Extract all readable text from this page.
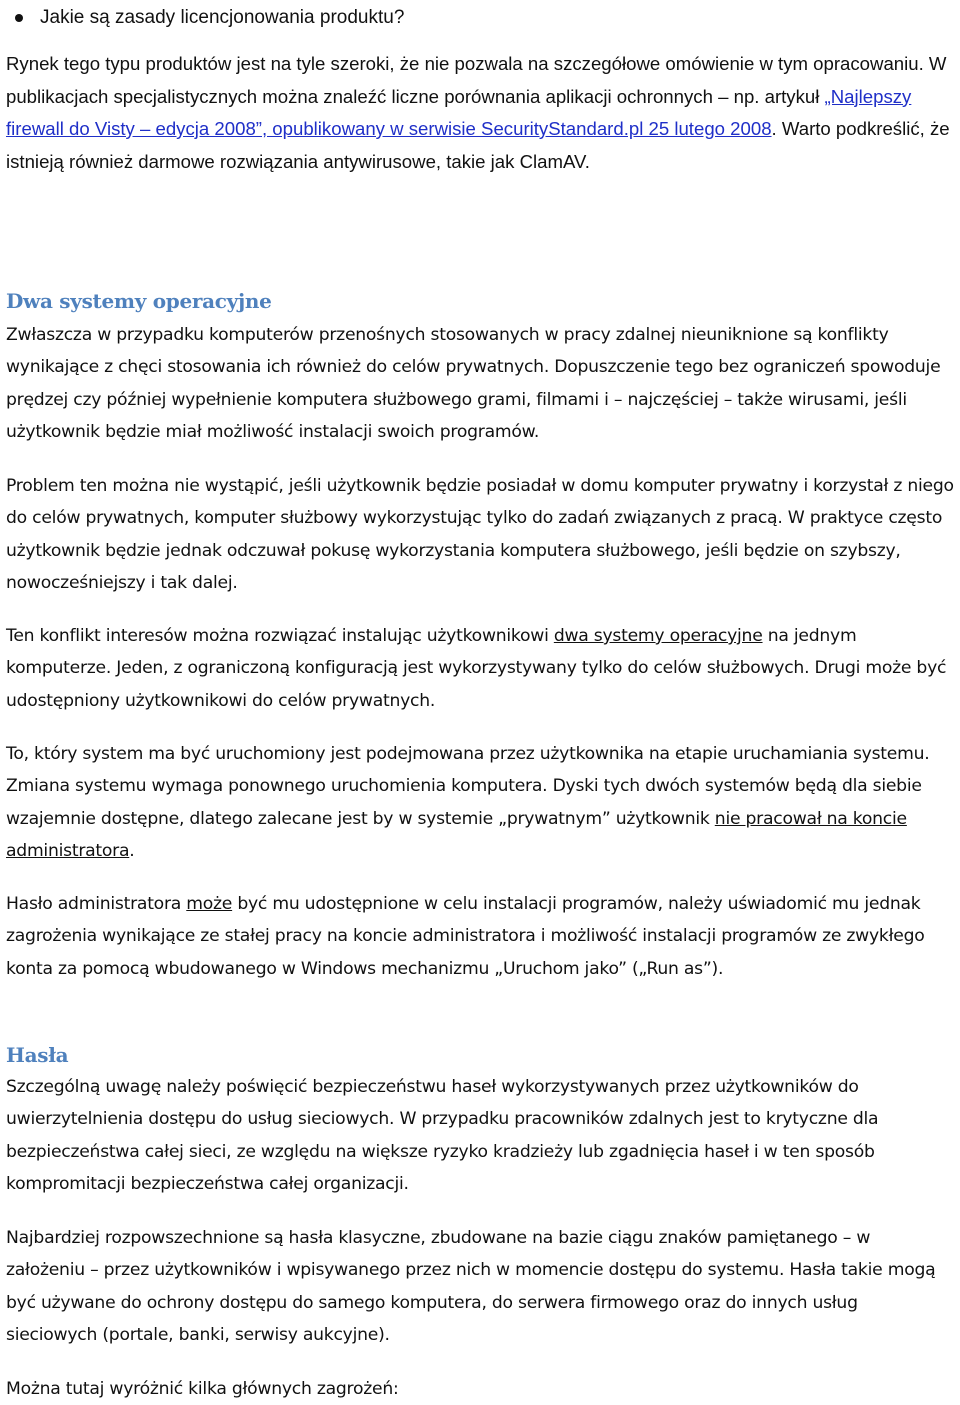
Jakie są zasady licencjonowania produktu?
Rynek tego typu produktów jest na tyle szeroki, że nie pozwala na szczegółowe omówienie w tym opracowaniu. W publikacjach specjalistycznych można znaleźć liczne porównania aplikacji ochronnych – np. artykuł „Najlepszy firewall do Visty – edycja 2008”, opublikowany w serwisie SecurityStandard.pl 25 lutego 2008. Warto podkreślić, że istnieją również darmowe rozwiązania antywirusowe, takie jak ClamAV.
Dwa systemy operacyjne
Zwłaszcza w przypadku komputerów przenośnych stosowanych w pracy zdalnej nieuniknione są konflikty wynikające z chęci stosowania ich również do celów prywatnych. Dopuszczenie tego bez ograniczeń spowoduje prędzej czy później wypełnienie komputera służbowego grami, filmami i – najczęściej – także wirusami, jeśli użytkownik będzie miał możliwość instalacji swoich programów.
Problem ten można nie wystąpić, jeśli użytkownik będzie posiadał w domu komputer prywatny i korzystał z niego do celów prywatnych, komputer służbowy wykorzystując tylko do zadań związanych z pracą. W praktyce często użytkownik będzie jednak odczuwał pokusę wykorzystania komputera służbowego, jeśli będzie on szybszy, nowocześniejszy i tak dalej.
Ten konflikt interesów można rozwiązać instalując użytkownikowi dwa systemy operacyjne na jednym komputerze. Jeden, z ograniczoną konfiguracją jest wykorzystywany tylko do celów służbowych. Drugi może być udostępniony użytkownikowi do celów prywatnych.
To, który system ma być uruchomiony jest podejmowana przez użytkownika na etapie uruchamiania systemu. Zmiana systemu wymaga ponownego uruchomienia komputera. Dyski tych dwóch systemów będą dla siebie wzajemnie dostępne, dlatego zalecane jest by w systemie „prywatnym” użytkownik nie pracował na koncie administratora.
Hasło administratora może być mu udostępnione w celu instalacji programów, należy uświadomić mu jednak zagrożenia wynikające ze stałej pracy na koncie administratora i możliwość instalacji programów ze zwykłego konta za pomocą wbudowanego w Windows mechanizmu „Uruchom jako” („Run as”).
Hasła
Szczególną uwagę należy poświęcić bezpieczeństwu haseł wykorzystywanych przez użytkowników do uwierzytelnienia dostępu do usług sieciowych. W przypadku pracowników zdalnych jest to krytyczne dla bezpieczeństwa całej sieci, ze względu na większe ryzyko kradzieży lub zgadnięcia haseł i w ten sposób kompromitacji bezpieczeństwa całej organizacji.
Najbardziej rozpowszechnione są hasła klasyczne, zbudowane na bazie ciągu znaków pamiętanego – w założeniu – przez użytkowników i wpisywanego przez nich w momencie dostępu do systemu. Hasła takie mogą być używane do ochrony dostępu do samego komputera, do serwera firmowego oraz do innych usług sieciowych (portale, banki, serwisy aukcyjne).
Można tutaj wyróżnić kilka głównych zagrożeń:
